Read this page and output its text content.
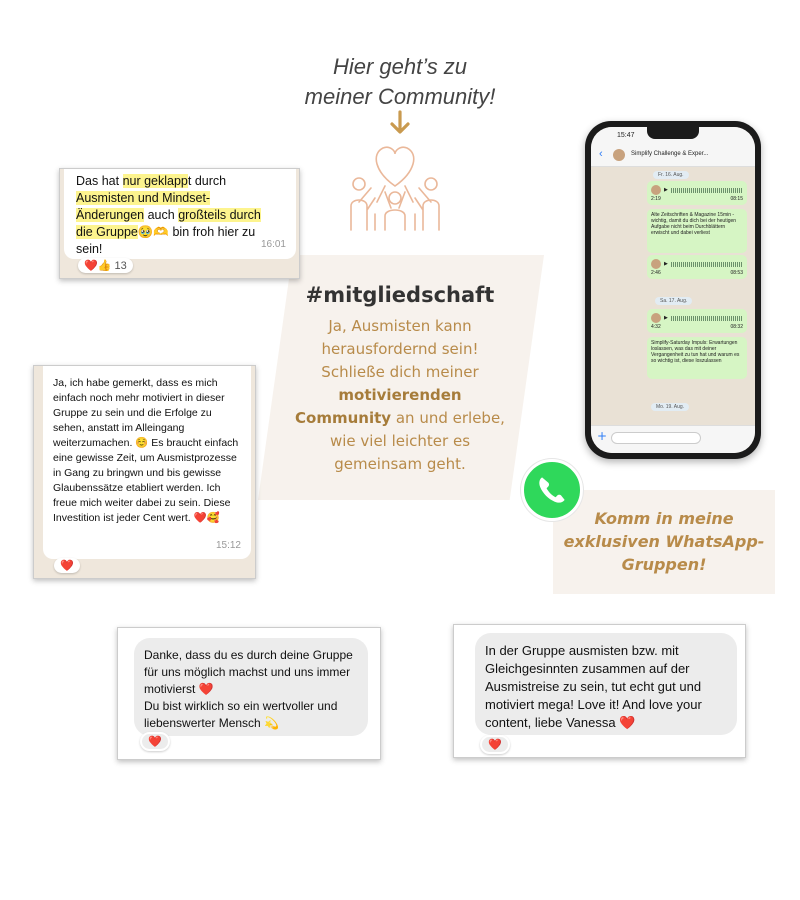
Hier geht’s zu
meiner Community!
#mitgliedschaft
Ja, Ausmisten kann herausfordernd sein! Schließe dich meiner motivierenden Community an und erlebe, wie viel leichter es gemeinsam geht.
Das hat nur geklappt durch
Ausmisten und Mindset-
Änderungen auch großteils durch
die Gruppe🥹🫶 bin froh hier zu
sein!	16:01
❤️👍 13
Ja, ich habe gemerkt, dass es mich einfach noch mehr motiviert in dieser Gruppe zu sein und die Erfolge zu sehen, anstatt im Alleingang weiterzumachen. ☺️ Es braucht einfach eine gewisse Zeit, um Ausmistprozesse in Gang zu bringwn und bis gewisse Glaubenssätze etabliert werden. Ich freue mich weiter dabei zu sein. Diese Investition ist jeder Cent wert. ❤️🥰
15:12
❤️
15:47
‹	Simplify Challenge & Exper...
Fr. 16. Aug.
▶
2:19	08:15
Alte Zeitschriften & Magazine 15min - wichtig, damit du dich bei der heutigen Aufgabe nicht beim Durchblättern erwischt und dabei verliest
▶
2:46	08:53
Sa. 17. Aug.
▶
4:32	08:32
Simplify-Saturday Impuls: Erwartungen loslassen, was das mit deiner Vergangenheit zu tun hat und warum es so wichtig ist, diese loszulassen
Mo. 19. Aug.
+
Komm in meine exklusiven WhatsApp-Gruppen!
Danke, dass du es durch deine Gruppe für uns möglich machst und uns immer motivierst ❤️
Du bist wirklich so ein wertvoller und liebenswerter Mensch 💫
❤️
In der Gruppe ausmisten bzw. mit Gleichgesinnten zusammen auf der Ausmistreise zu sein, tut echt gut und motiviert mega! Love it! And love your content, liebe Vanessa ❤️
❤️
